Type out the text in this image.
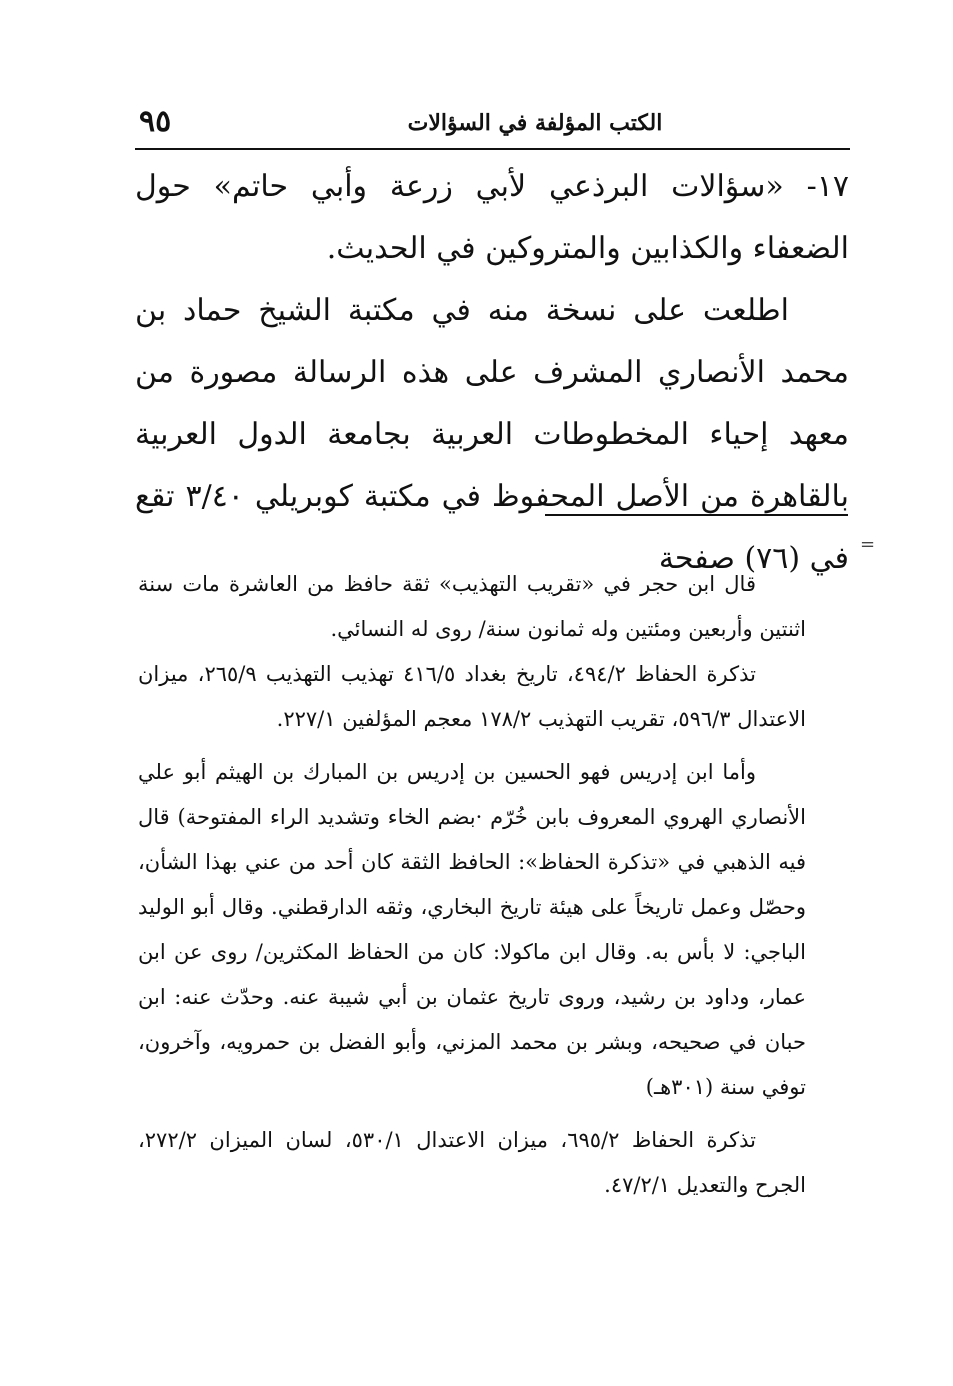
٩٥	الكتب المؤلفة في السؤالات

١٧- «سؤالات البرذعي لأبي زرعة وأبي حاتم» حول الضعفاء والكذابين والمتروكين في الحديث.

اطلعت على نسخة منه في مكتبة الشيخ حماد بن محمد الأنصاري المشرف على هذه الرسالة مصورة من معهد إحياء المخطوطات العربية بجامعة الدول العربية بالقاهرة من الأصل المحفوظ في مكتبة كوبريلي ٣/٤٠ تقع في (٧٦) صفحة =

قال ابن حجر في «تقريب التهذيب» ثقة حافظ من العاشرة مات سنة اثنتين وأربعين ومئتين وله ثمانون سنة/ روى له النسائي.

تذكرة الحفاظ ٤٩٤/٢، تاريخ بغداد ٤١٦/٥ تهذيب التهذيب ٢٦٥/٩، ميزان الاعتدال ٥٩٦/٣، تقريب التهذيب ١٧٨/٢ معجم المؤلفين ٢٢٧/١.

وأما ابن إدريس فهو الحسين بن إدريس بن المبارك بن الهيثم أبو علي الأنصاري الهروي المعروف بابن خُرّم ·بضم الخاء وتشديد الراء المفتوحة) قال فيه الذهبي في «تذكرة الحفاظ»: الحافظ الثقة كان أحد من عني بهذا الشأن، وحصّل وعمل تاريخاً على هيئة تاريخ البخاري، وثقه الدارقطني. وقال أبو الوليد الباجي: لا بأس به. وقال ابن ماكولا: كان من الحفاظ المكثرين/ روى عن ابن عمار، وداود بن رشيد، وروى تاريخ عثمان بن أبي شيبة عنه. وحدّث عنه: ابن حبان في صحيحه، وبشر بن محمد المزني، وأبو الفضل بن حمرويه، وآخرون، توفي سنة (٣٠١هـ)

تذكرة الحفاظ ٦٩٥/٢، ميزان الاعتدال ٥٣٠/١، لسان الميزان ٢٧٢/٢، الجرح والتعديل ٤٧/٢/١.
